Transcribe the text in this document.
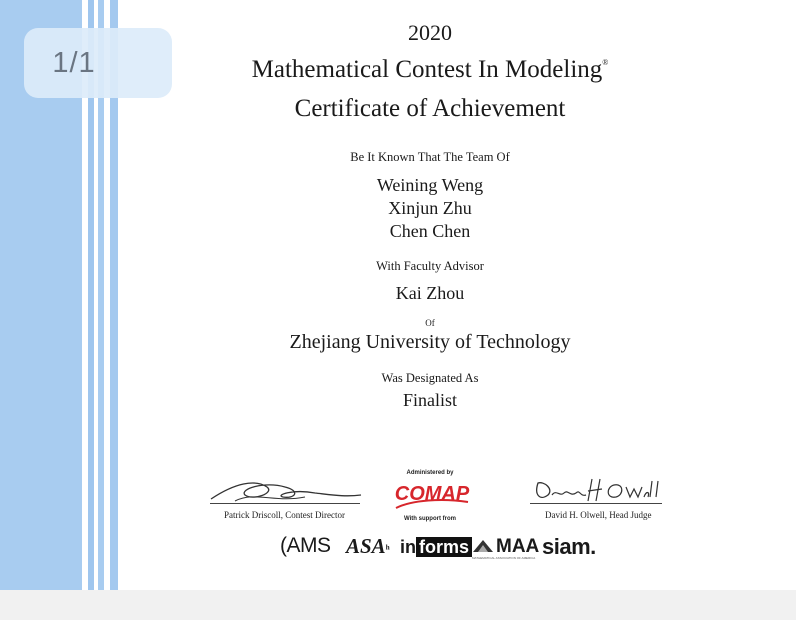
1/1
2020
Mathematical Contest In Modeling®
Certificate of Achievement
Be It Known That The Team Of
Weining Weng
Xinjun Zhu
Chen Chen
With Faculty Advisor
Kai Zhou
Of
Zhejiang University of Technology
Was Designated As
Finalist
Patrick Driscoll, Contest Director	David H. Olwell, Head Judge
Administered by
COMAP
With support from
(AMS ASAʰ in forms MAA
MATHEMATICAL ASSOCIATION OF AMERICA siam.
